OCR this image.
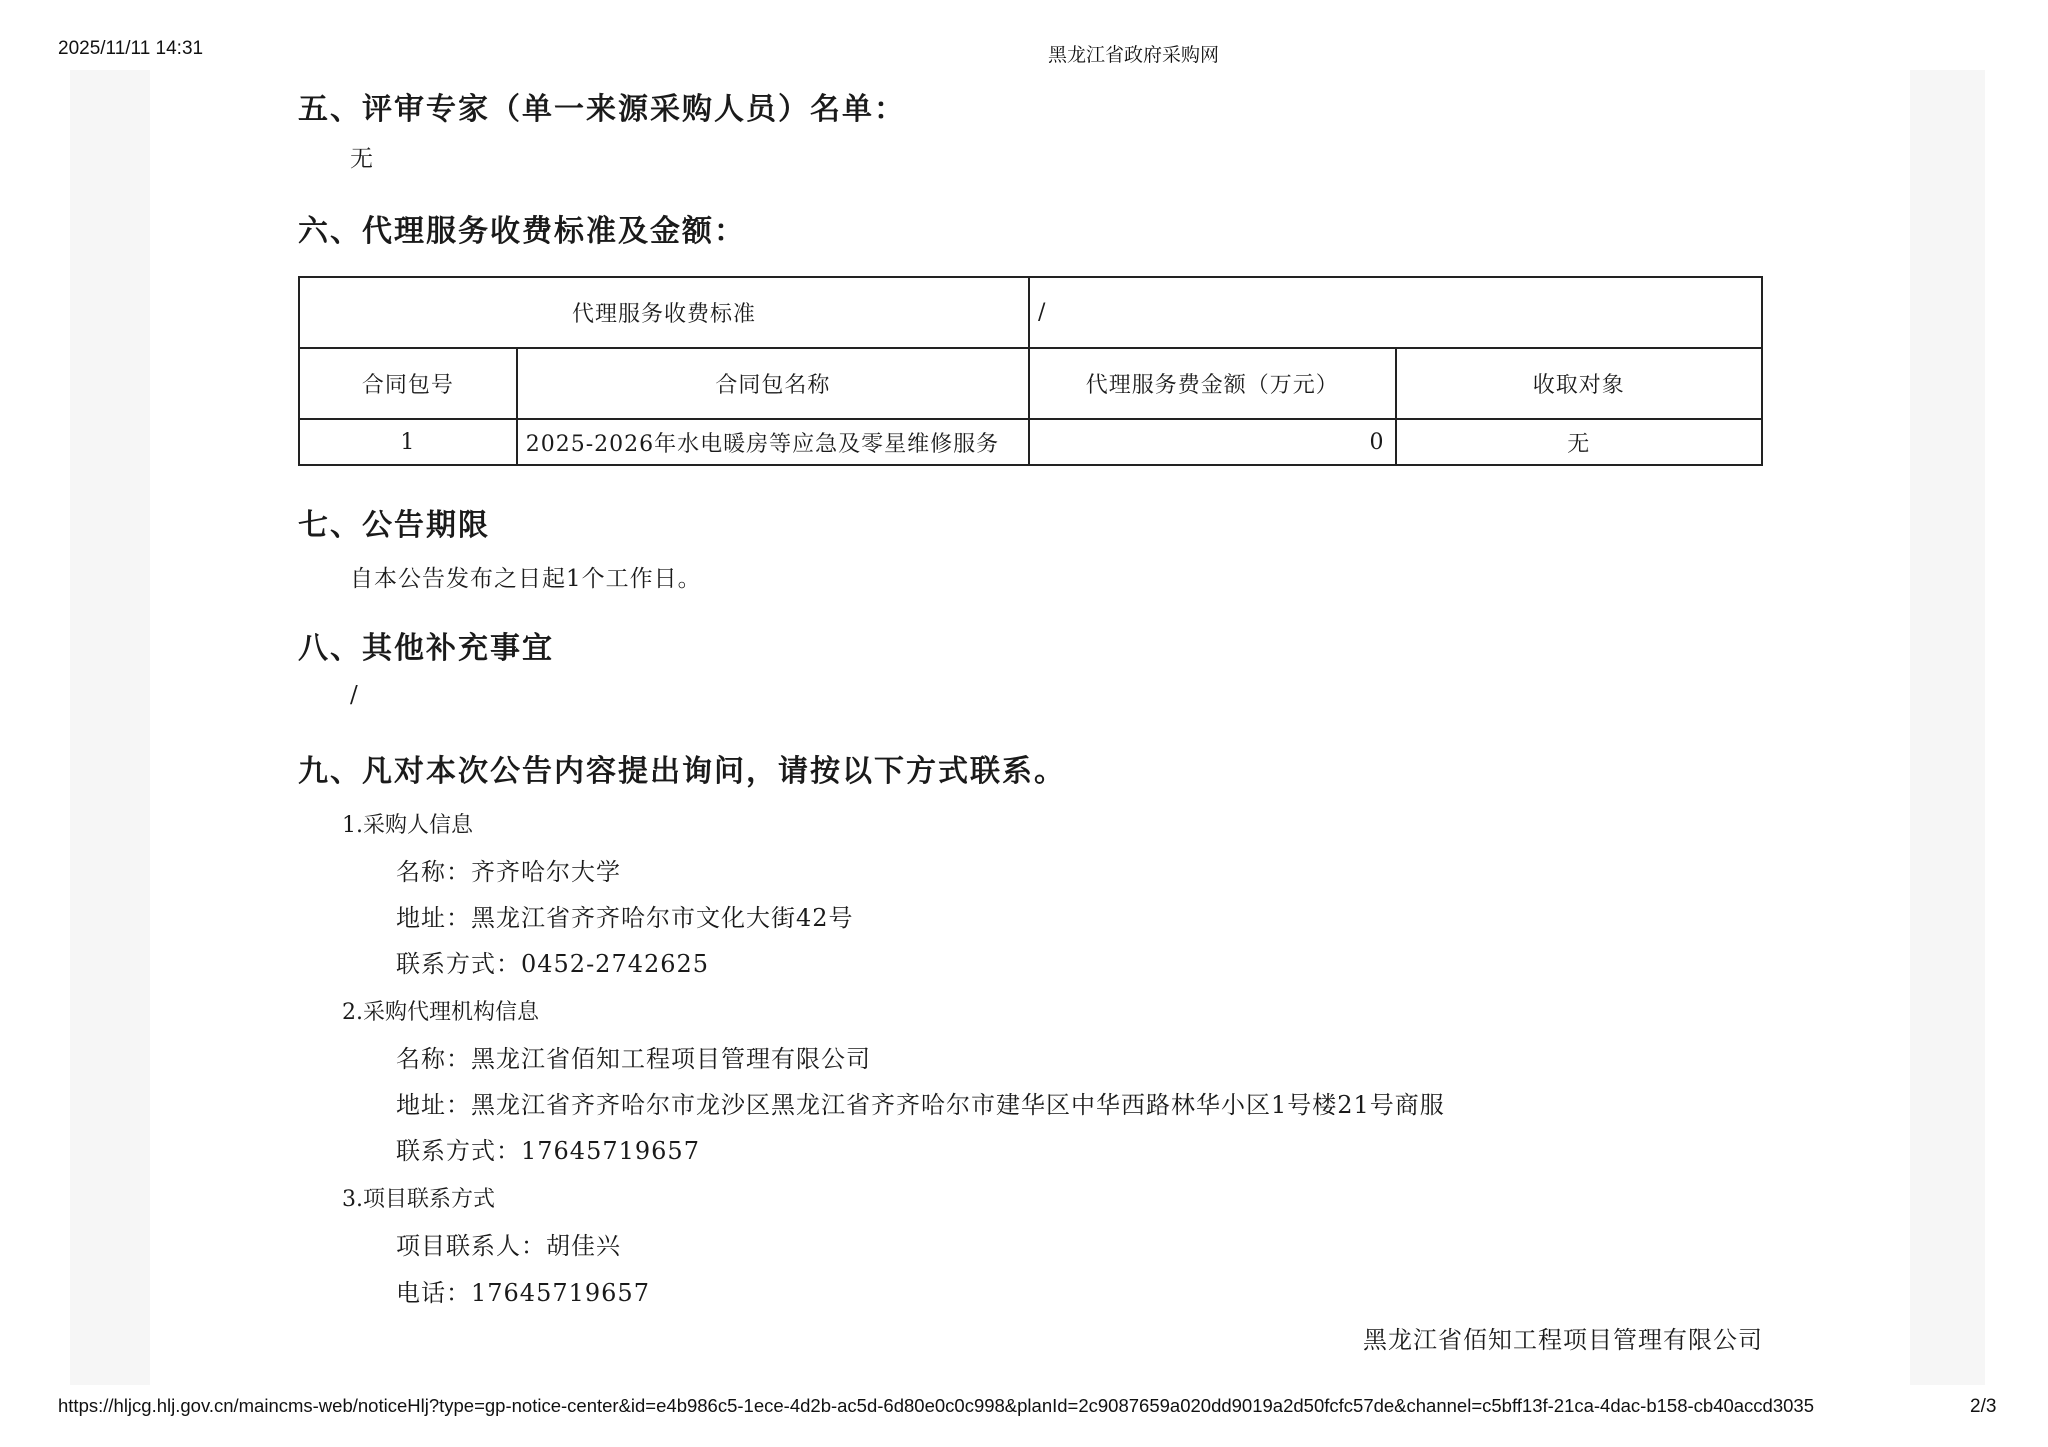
2025/11/11 14:31	黑龙江省政府采购网
五、评审专家（单一来源采购人员）名单：
无
六、代理服务收费标准及金额：
代理服务收费标准		/	
合同包号	合同包名称	代理服务费金额（万元）	收取对象
1	2025-2026年水电暖房等应急及零星维修服务	0	无
七、公告期限
自本公告发布之日起1个工作日。
八、其他补充事宜
/
九、凡对本次公告内容提出询问，请按以下方式联系。
1.采购人信息
名称：齐齐哈尔大学
地址：黑龙江省齐齐哈尔市文化大街42号
联系方式：0452-2742625
2.采购代理机构信息
名称：黑龙江省佰知工程项目管理有限公司
地址：黑龙江省齐齐哈尔市龙沙区黑龙江省齐齐哈尔市建华区中华西路林华小区1号楼21号商服
联系方式：17645719657
3.项目联系方式
项目联系人：胡佳兴
电话：17645719657
黑龙江省佰知工程项目管理有限公司
https://hljcg.hlj.gov.cn/maincms-web/noticeHlj?type=gp-notice-center&id=e4b986c5-1ece-4d2b-ac5d-6d80e0c0c998&planId=2c9087659a020dd9019a2d50fcfc57de&channel=c5bff13f-21ca-4dac-b158-cb40accd3035	2/3
